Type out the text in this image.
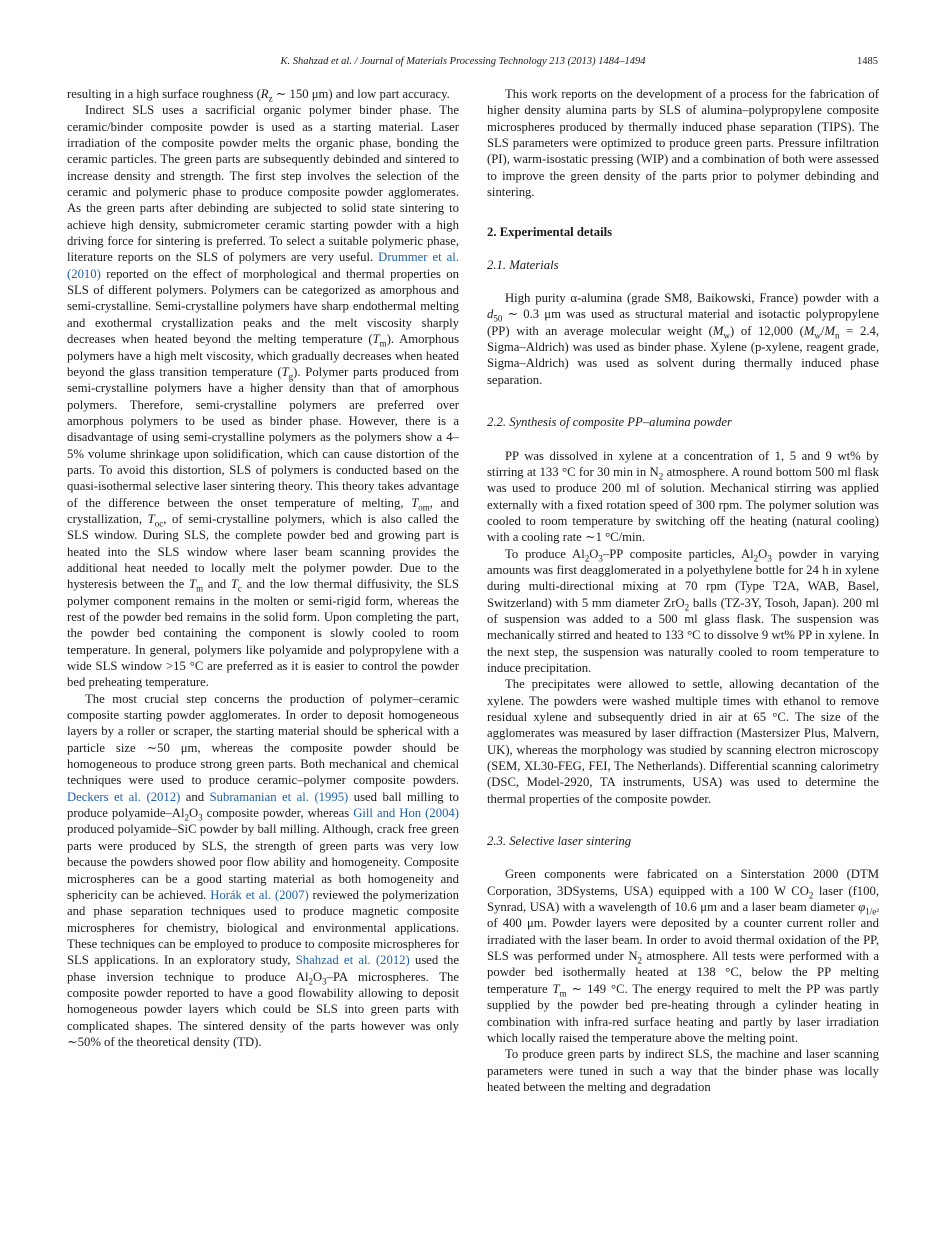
K. Shahzad et al. / Journal of Materials Processing Technology 213 (2013) 1484–1494	1485

resulting in a high surface roughness ($R_z$ ∼ 150 μm) and low part accuracy.

Indirect SLS uses a sacrificial organic polymer binder phase. The ceramic/binder composite powder is used as a starting material. Laser irradiation of the composite powder melts the organic phase, bonding the ceramic particles. The green parts are subsequently debinded and sintered to increase density and strength. The first step involves the selection of the ceramic and polymeric phase to produce composite powder agglomerates. As the green parts after debinding are subjected to solid state sintering to achieve high density, submicrometer ceramic starting powder with a high driving force for sintering is preferred. To select a suitable polymeric phase, literature reports on the SLS of polymers are very useful. Drummer et al. (2010) reported on the effect of morphological and thermal properties on SLS of different polymers. Polymers can be categorized as amorphous and semi-crystalline. Semi-crystalline polymers have sharp endothermal melting and exothermal crystallization peaks and the melt viscosity sharply decreases when heated beyond the melting temperature $(T_m)$. Amorphous polymers have a high melt viscosity, which gradually decreases when heated beyond the glass transition temperature $(T_g)$. Polymer parts produced from semi-crystalline polymers have a higher density than that of amorphous polymers. Therefore, semi-crystalline polymers are preferred over amorphous polymers to be used as binder phase. However, there is a disadvantage of using semi-crystalline polymers as the polymers show a 4–5% volume shrinkage upon solidification, which can cause distortion of the parts. To avoid this distortion, SLS of polymers is conducted based on the quasi-isothermal selective laser sintering theory. This theory takes advantage of the difference between the onset temperature of melting, $T_{om}$, and crystallization, $T_{oc}$, of semi-crystalline polymers, which is also called the SLS window. During SLS, the complete powder bed and growing part is heated into the SLS window where laser beam scanning provides the additional heat needed to locally melt the polymer powder. Due to the hysteresis between the $T_m$ and $T_c$ and the low thermal diffusivity, the SLS polymer component remains in the molten or semi-rigid form, whereas the rest of the powder bed remains in the solid form. Upon completing the part, the powder bed containing the component is slowly cooled to room temperature. In general, polymers like polyamide and polypropylene with a wide SLS window >15 °C are preferred as it is easier to control the powder bed preheating temperature.

The most crucial step concerns the production of polymer–ceramic composite starting powder agglomerates. In order to deposit homogeneous layers by a roller or scraper, the starting material should be spherical with a particle size ∼50 μm, whereas the composite powder should be homogeneous to produce strong green parts. Both mechanical and chemical techniques were used to produce ceramic–polymer composite powders. Deckers et al. (2012) and Subramanian et al. (1995) used ball milling to produce polyamide–$Al_2O_3$ composite powder, whereas Gill and Hon (2004) produced polyamide–SiC powder by ball milling. Although, crack free green parts were produced by SLS, the strength of green parts was very low because the powders showed poor flow ability and homogeneity. Composite microspheres can be a good starting material as both homogeneity and sphericity can be achieved. Horák et al. (2007) reviewed the polymerization and phase separation techniques used to produce magnetic composite microspheres for chemistry, biological and environmental applications. These techniques can be employed to produce to composite microspheres for SLS applications. In an exploratory study, Shahzad et al. (2012) used the phase inversion technique to produce $Al_2O_3-PA$ microspheres. The composite powder reported to have a good flowability allowing to deposit homogeneous powder layers which could be SLS into green parts with complicated shapes. The sintered density of the parts however was only ∼50% of the theoretical density (TD).

This work reports on the development of a process for the fabrication of higher density alumina parts by SLS of alumina–polypropylene composite microspheres produced by thermally induced phase separation (TIPS). The SLS parameters were optimized to produce green parts. Pressure infiltration (PI), warm-isostatic pressing (WIP) and a combination of both were assessed to improve the green density of the parts prior to polymer debinding and sintering.

2. Experimental details
2.1. Materials

High purity α-alumina (grade SM8, Baikowski, France) powder with a $d_{50}$ ∼ 0.3 μm was used as structural material and isotactic polypropylene (PP) with an average molecular weight $(M_w)$ of 12,000 ($M_w/M_n = 2.4$, Sigma–Aldrich) was used as binder phase. Xylene (p-xylene, reagent grade, Sigma–Aldrich) was used as solvent during thermally induced phase separation.

2.2. Synthesis of composite PP–alumina powder

PP was dissolved in xylene at a concentration of 1, 5 and 9 wt% by stirring at 133 °C for 30 min in $N_2$ atmosphere. A round bottom 500 ml flask was used to produce 200 ml of solution. Mechanical stirring was applied externally with a fixed rotation speed of 300 rpm. The polymer solution was cooled to room temperature by switching off the heating (natural cooling) with a cooling rate ∼1 °C/min.

To produce $Al_2O_3-PP$ composite particles, $Al_2O_3$ powder in varying amounts was first deagglomerated in a polyethylene bottle for 24 h in xylene during multi-directional mixing at 70 rpm (Type T2A, WAB, Basel, Switzerland) with 5 mm diameter ZrO$_2$ balls (TZ-3Y, Tosoh, Japan). 200 ml of suspension was added to a 500 ml glass flask. The suspension was mechanically stirred and heated to 133 °C to dissolve 9 wt% PP in xylene. In the next step, the suspension was naturally cooled to room temperature to induce precipitation.

The precipitates were allowed to settle, allowing decantation of the xylene. The powders were washed multiple times with ethanol to remove residual xylene and subsequently dried in air at 65 °C. The size of the agglomerates was measured by laser diffraction (Mastersizer Plus, Malvern, UK), whereas the morphology was studied by scanning electron microscopy (SEM, XL30-FEG, FEI, The Netherlands). Differential scanning calorimetry (DSC, Model-2920, TA instruments, USA) was used to determine the thermal properties of the composite powder.

2.3. Selective laser sintering

Green components were fabricated on a Sinterstation 2000 (DTM Corporation, 3DSystems, USA) equipped with a 100 W $CO_2$ laser (f100, Synrad, USA) with a wavelength of 10.6 μm and a laser beam diameter $\varphi_{1/e^2}$ of 400 μm. Powder layers were deposited by a counter current roller and irradiated with the laser beam. In order to avoid thermal oxidation of the PP, SLS was performed under $N_2$ atmosphere. All tests were performed with a powder bed isothermally heated at 138 °C, below the PP melting temperature $T_m$ ∼ 149 °C. The energy required to melt the PP was partly supplied by the powder bed pre-heating through a cylinder heating in combination with infra-red surface heating and partly by laser irradiation which locally raised the temperature above the melting point.

To produce green parts by indirect SLS, the machine and laser scanning parameters were tuned in such a way that the binder phase was locally heated between the melting and degradation
